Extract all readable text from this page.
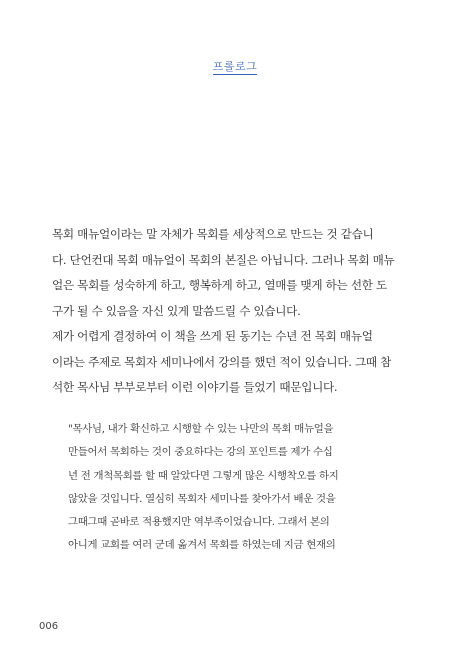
프롤로그
목회 매뉴얼이라는 말 자체가 목회를 세상적으로 만드는 것 같습니
다. 단언컨대 목회 매뉴얼이 목회의 본질은 아닙니다. 그러나 목회 매뉴
얼은 목회를 성숙하게 하고, 행복하게 하고, 열매를 맺게 하는 선한 도
구가 될 수 있음을 자신 있게 말씀드릴 수 있습니다.
제가 어렵게 결정하여 이 책을 쓰게 된 동기는 수년 전 목회 매뉴얼
이라는 주제로 목회자 세미나에서 강의를 했던 적이 있습니다. 그때 참
석한 목사님 부부로부터 이런 이야기를 들었기 때문입니다.
"목사님, 내가 확신하고 시행할 수 있는 나만의 목회 매뉴얼을
만들어서 목회하는 것이 중요하다는 강의 포인트를 제가 수십
년 전 개척목회를 할 때 알았다면 그렇게 많은 시행착오를 하지
않았을 것입니다. 열심히 목회자 세미나를 찾아가서 배운 것을
그때그때 곧바로 적용했지만 역부족이었습니다. 그래서 본의
아니게 교회를 여러 군데 옮겨서 목회를 하였는데 지금 현재의
006
